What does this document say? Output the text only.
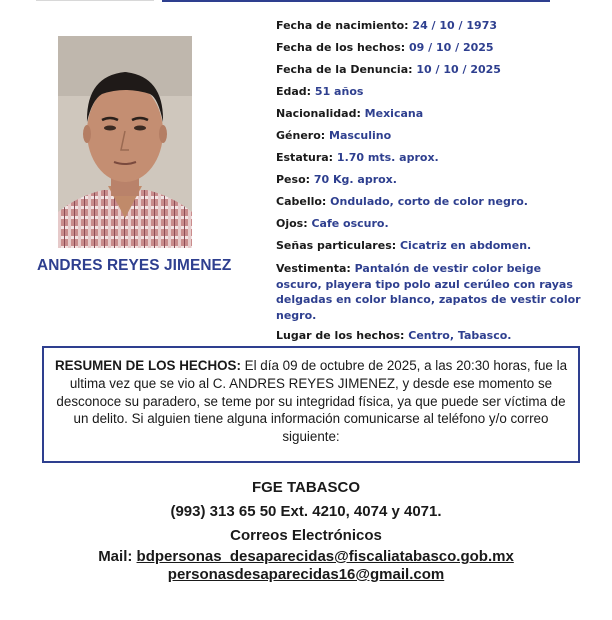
ANDRES REYES JIMENEZ
Fecha de nacimiento: 24 / 10 / 1973
Fecha de los hechos: 09 / 10 / 2025
Fecha de la Denuncia: 10 / 10 / 2025
Edad: 51 años
Nacionalidad: Mexicana
Género: Masculino
Estatura: 1.70 mts. aprox.
Peso: 70 Kg. aprox.
Cabello: Ondulado, corto de color negro.
Ojos: Cafe oscuro.
Señas particulares: Cicatriz en abdomen.
Vestimenta: Pantalón de vestir color beige oscuro, playera tipo polo azul cerúleo con rayas delgadas en color blanco, zapatos de vestir color negro.
Lugar de los hechos: Centro, Tabasco.
RESUMEN DE LOS HECHOS: El día 09 de octubre de 2025, a las 20:30 horas, fue la ultima vez que se vio al C. ANDRES REYES JIMENEZ, y desde ese momento se desconoce su paradero, se teme por su integridad física, ya que puede ser víctima de un delito. Si alguien tiene alguna información comunicarse al teléfono y/o correo siguiente:
FGE TABASCO
(993) 313 65 50 Ext. 4210, 4074 y 4071.
Correos Electrónicos
Mail: bdpersonas_desaparecidas@fiscaliatabasco.gob.mx
personasdesaparecidas16@gmail.com
